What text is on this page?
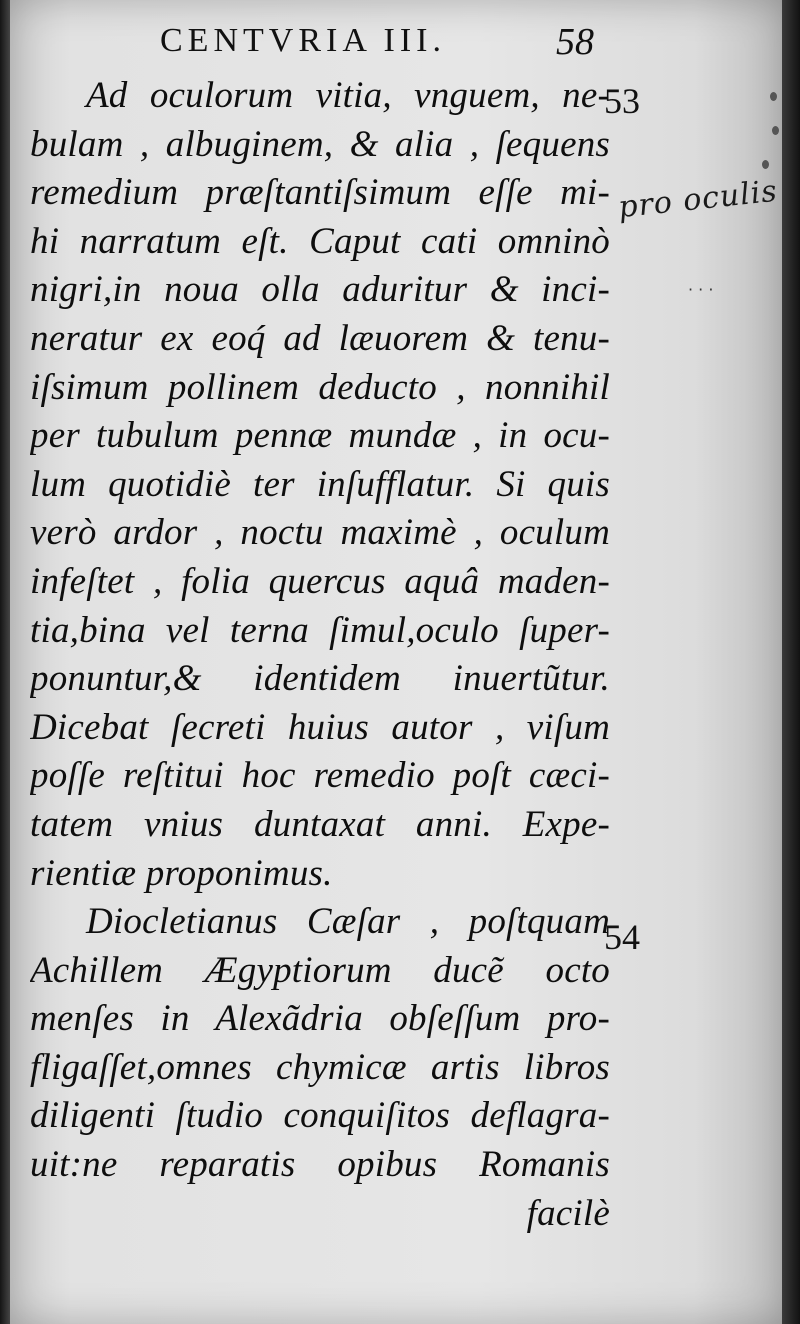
CENTVRIA III.	58
Ad oculorum vitia, vnguem, ne-
bulam , albuginem, & alia , ſequens
remedium præſtantiſsimum eſſe mi-
hi narratum eſt. Caput cati omninò
nigri,in noua olla aduritur & inci-
neratur ex eoq́ ad læuorem & tenu-
iſsimum pollinem deducto , nonnihil
per tubulum pennæ mundæ , in ocu-
lum quotidiè ter inſufflatur. Si quis
verò ardor , noctu maximè , oculum
infeſtet , folia quercus aquâ maden-
tia,bina vel terna ſimul,oculo ſuper-
ponuntur,& identidem inuertũtur.
Dicebat ſecreti huius autor , viſum
poſſe reſtitui hoc remedio poſt cæci-
tatem vnius duntaxat anni. Expe-
rientiæ proponimus.
Diocletianus Cæſar , poſtquam
Achillem Ægyptiorum ducẽ octo
menſes in Alexãdria obſeſſum pro-
fligaſſet,omnes chymicæ artis libros
diligenti ſtudio conquiſitos deflagra-
uit:ne reparatis opibus Romanis
facilè
53
54
pro oculis
· · ·
